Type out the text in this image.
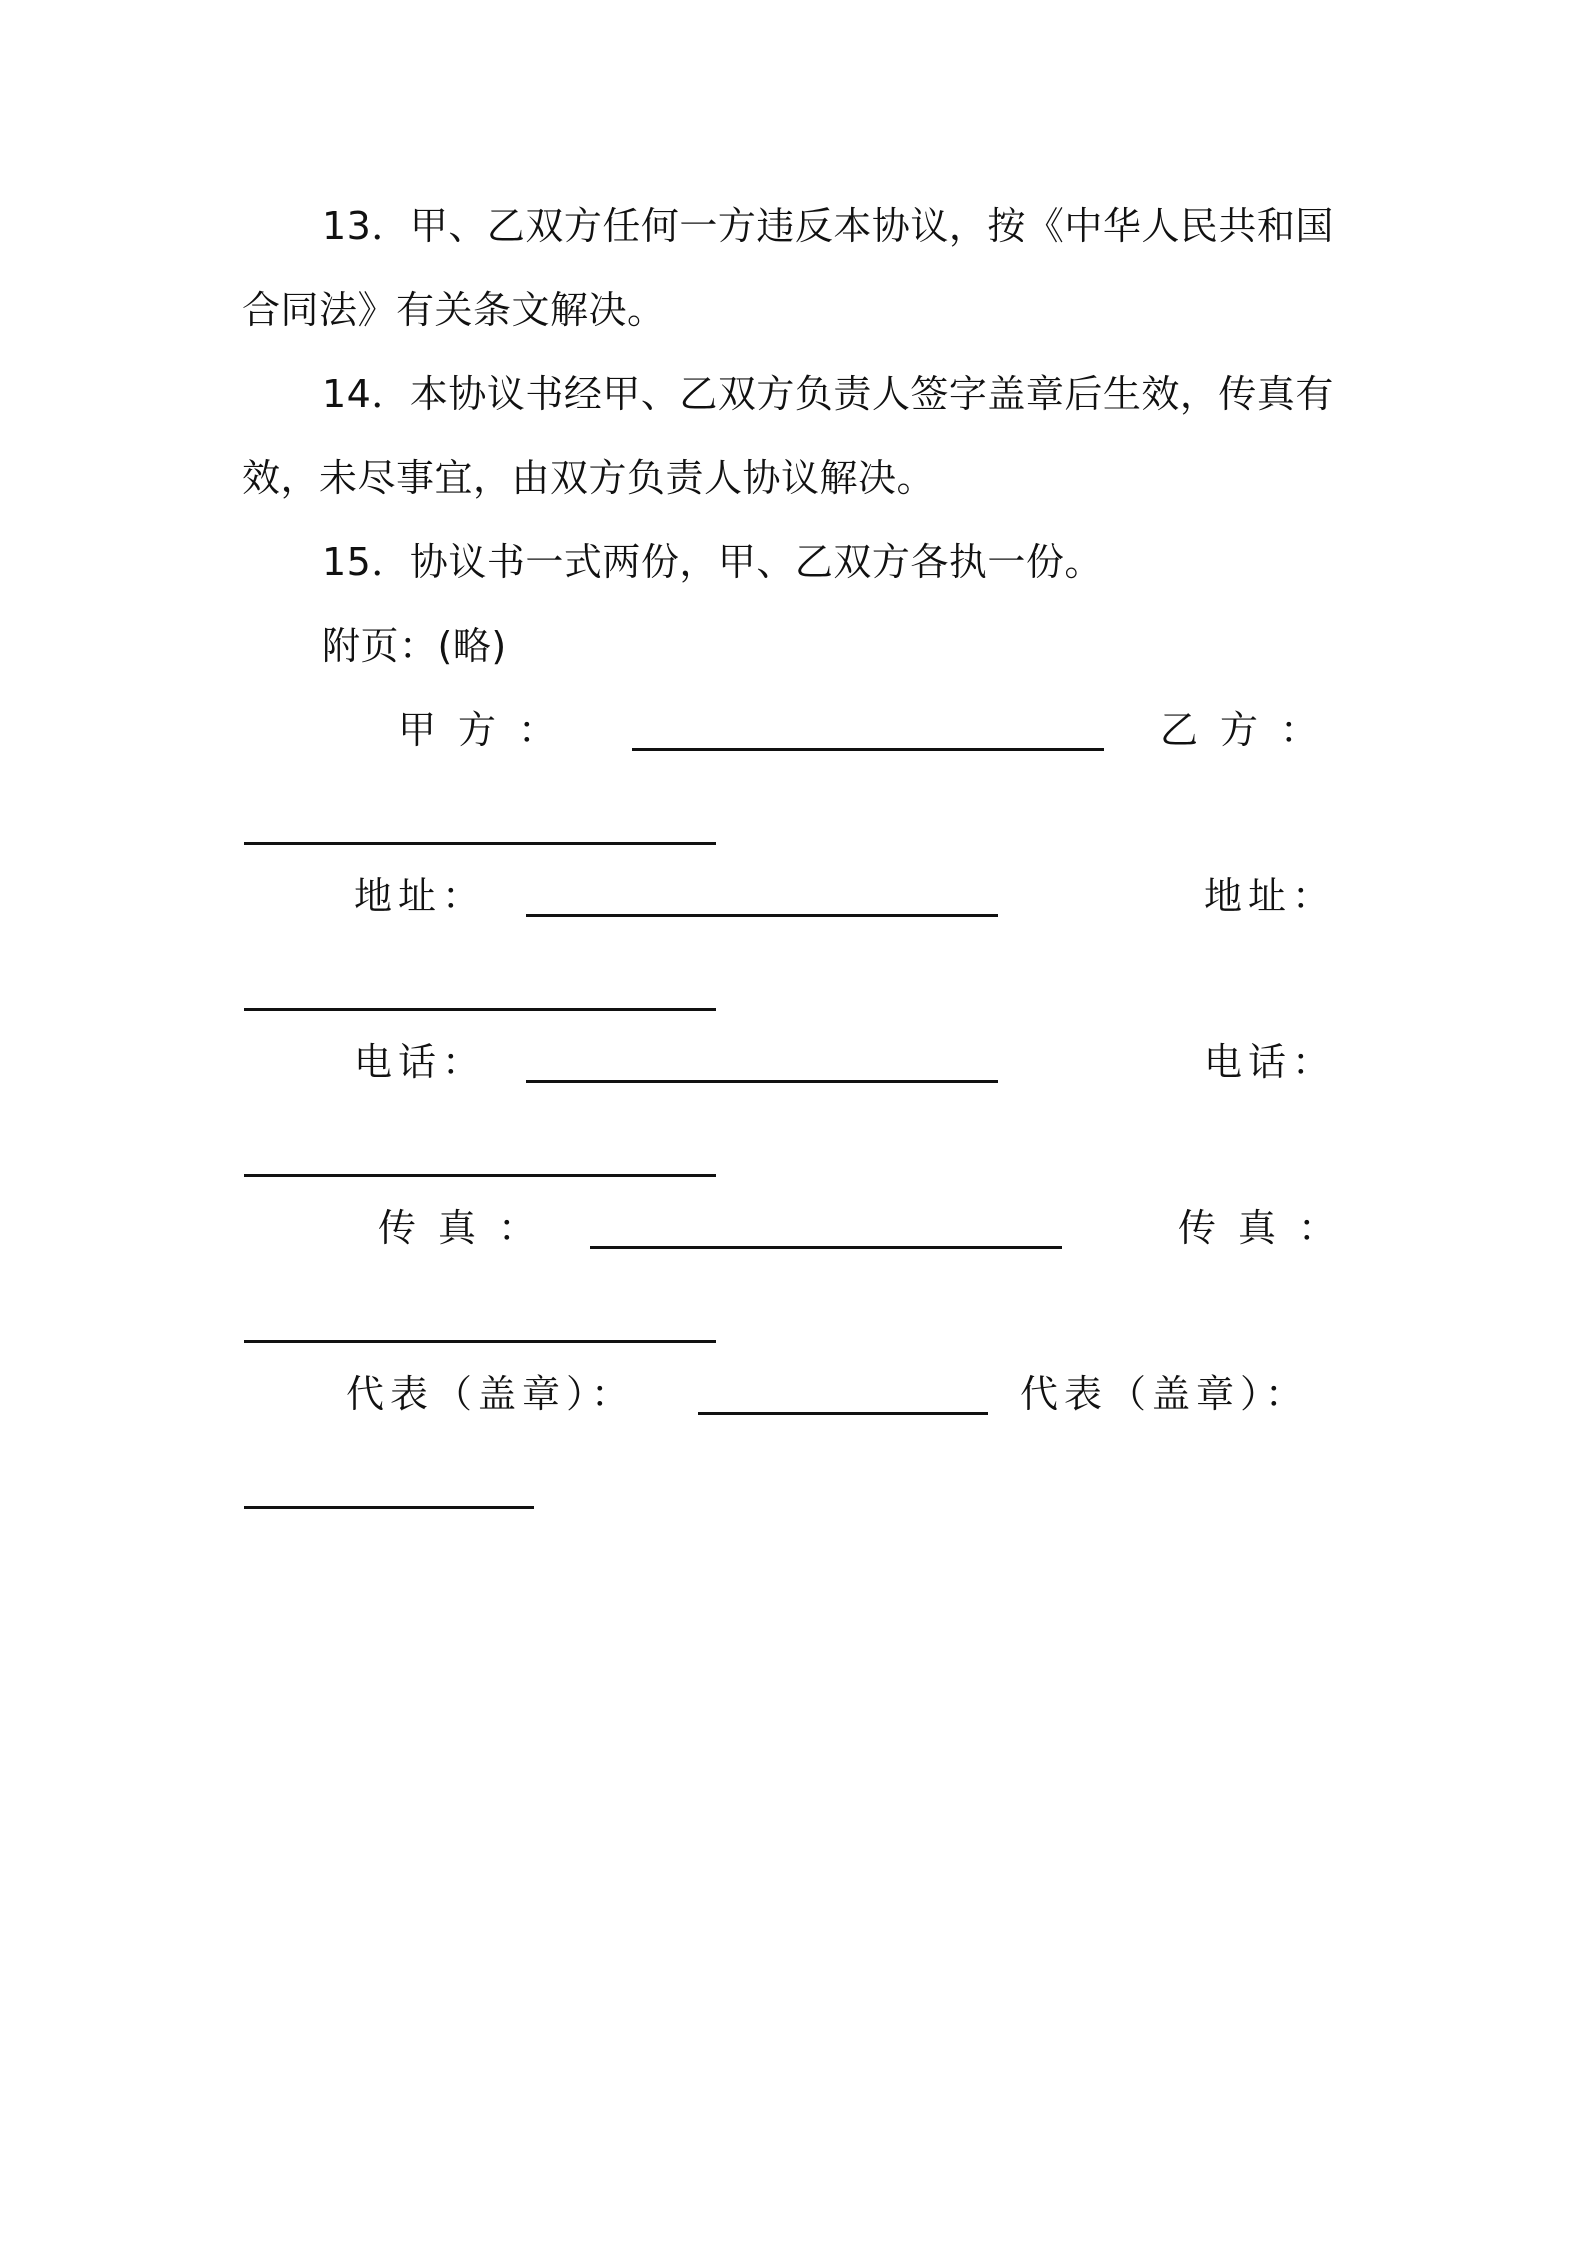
13．甲、乙双方任何一方违反本协议，按《中华人民共和国
合同法》有关条文解决。
14．本协议书经甲、乙双方负责人签字盖章后生效，传真有
效，未尽事宜，由双方负责人协议解决。
15．协议书一式两份，甲、乙双方各执一份。
附页：(略)
甲方：	乙方：
地址：	地址：
电话：	电话：
传真：	传真：
代表（盖章）：	代表（盖章）：
